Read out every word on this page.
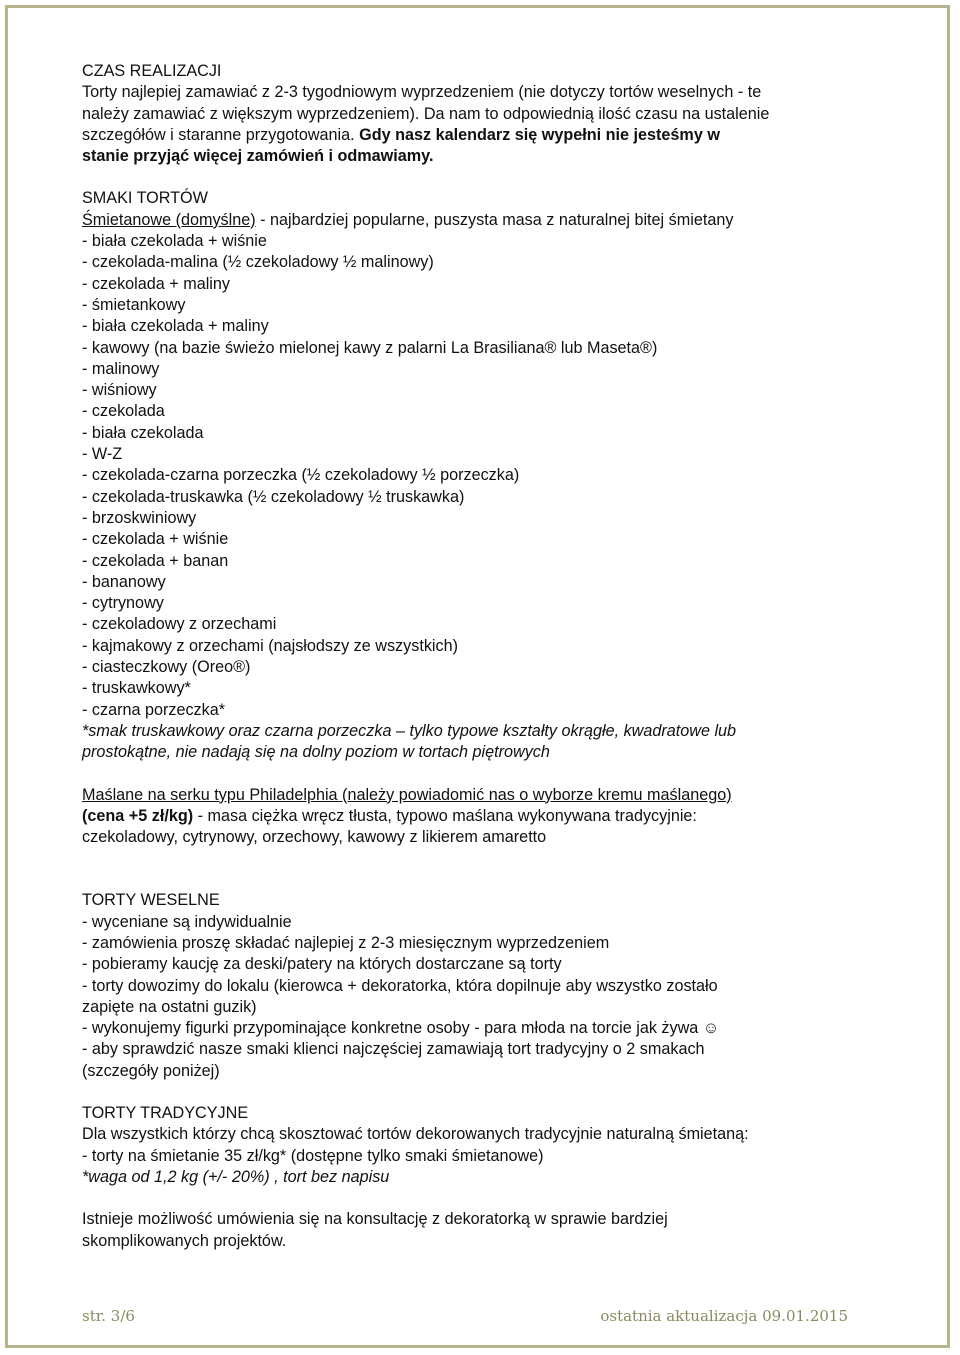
CZAS REALIZACJI

Torty najlepiej zamawiać z 2-3 tygodniowym wyprzedzeniem (nie dotyczy tortów weselnych - te

należy zamawiać z większym wyprzedzeniem). Da nam to odpowiednią ilość czasu na ustalenie

szczegółów i staranne przygotowania. Gdy nasz kalendarz się wypełni nie jesteśmy w

stanie przyjąć więcej zamówień i odmawiamy.

SMAKI TORTÓW

Śmietanowe (domyślne) - najbardziej popularne, puszysta masa z naturalnej bitej śmietany

- biała czekolada + wiśnie

- czekolada-malina (½ czekoladowy ½ malinowy)

- czekolada + maliny

- śmietankowy

- biała czekolada + maliny

- kawowy (na bazie świeżo mielonej kawy z palarni La Brasiliana® lub Maseta®)

- malinowy

- wiśniowy

- czekolada

- biała czekolada

- W-Z

- czekolada-czarna porzeczka (½ czekoladowy ½ porzeczka)

- czekolada-truskawka (½ czekoladowy ½ truskawka)

- brzoskwiniowy

- czekolada + wiśnie

- czekolada + banan

- bananowy

- cytrynowy

- czekoladowy z orzechami

- kajmakowy z orzechami (najsłodszy ze wszystkich)

- ciasteczkowy (Oreo®)

- truskawkowy*

- czarna porzeczka*

*smak truskawkowy oraz czarna porzeczka – tylko typowe kształty okrągłe, kwadratowe lub

prostokątne, nie nadają się na dolny poziom w tortach piętrowych

Maślane na serku typu Philadelphia (należy powiadomić nas o wyborze kremu maślanego)

(cena +5 zł/kg) - masa ciężka wręcz tłusta, typowo maślana wykonywana tradycyjnie:

czekoladowy, cytrynowy, orzechowy, kawowy z likierem amaretto

TORTY WESELNE

- wyceniane są indywidualnie

- zamówienia proszę składać najlepiej z 2-3 miesięcznym wyprzedzeniem

- pobieramy kaucję za deski/patery na których dostarczane są torty

- torty dowozimy do lokalu (kierowca + dekoratorka, która dopilnuje aby wszystko zostało

zapięte na ostatni guzik)

- wykonujemy figurki przypominające konkretne osoby - para młoda na torcie jak żywa ☺

- aby sprawdzić nasze smaki klienci najczęściej zamawiają tort tradycyjny o 2 smakach

(szczegóły poniżej)

TORTY TRADYCYJNE

Dla wszystkich którzy chcą skosztować tortów dekorowanych tradycyjnie naturalną śmietaną:

- torty na śmietanie 35 zł/kg* (dostępne tylko smaki śmietanowe)

*waga od 1,2 kg (+/- 20%) , tort bez napisu

Istnieje możliwość umówienia się na konsultację z dekoratorką w sprawie bardziej

skomplikowanych projektów.

str. 3/6	ostatnia aktualizacja 09.01.2015
